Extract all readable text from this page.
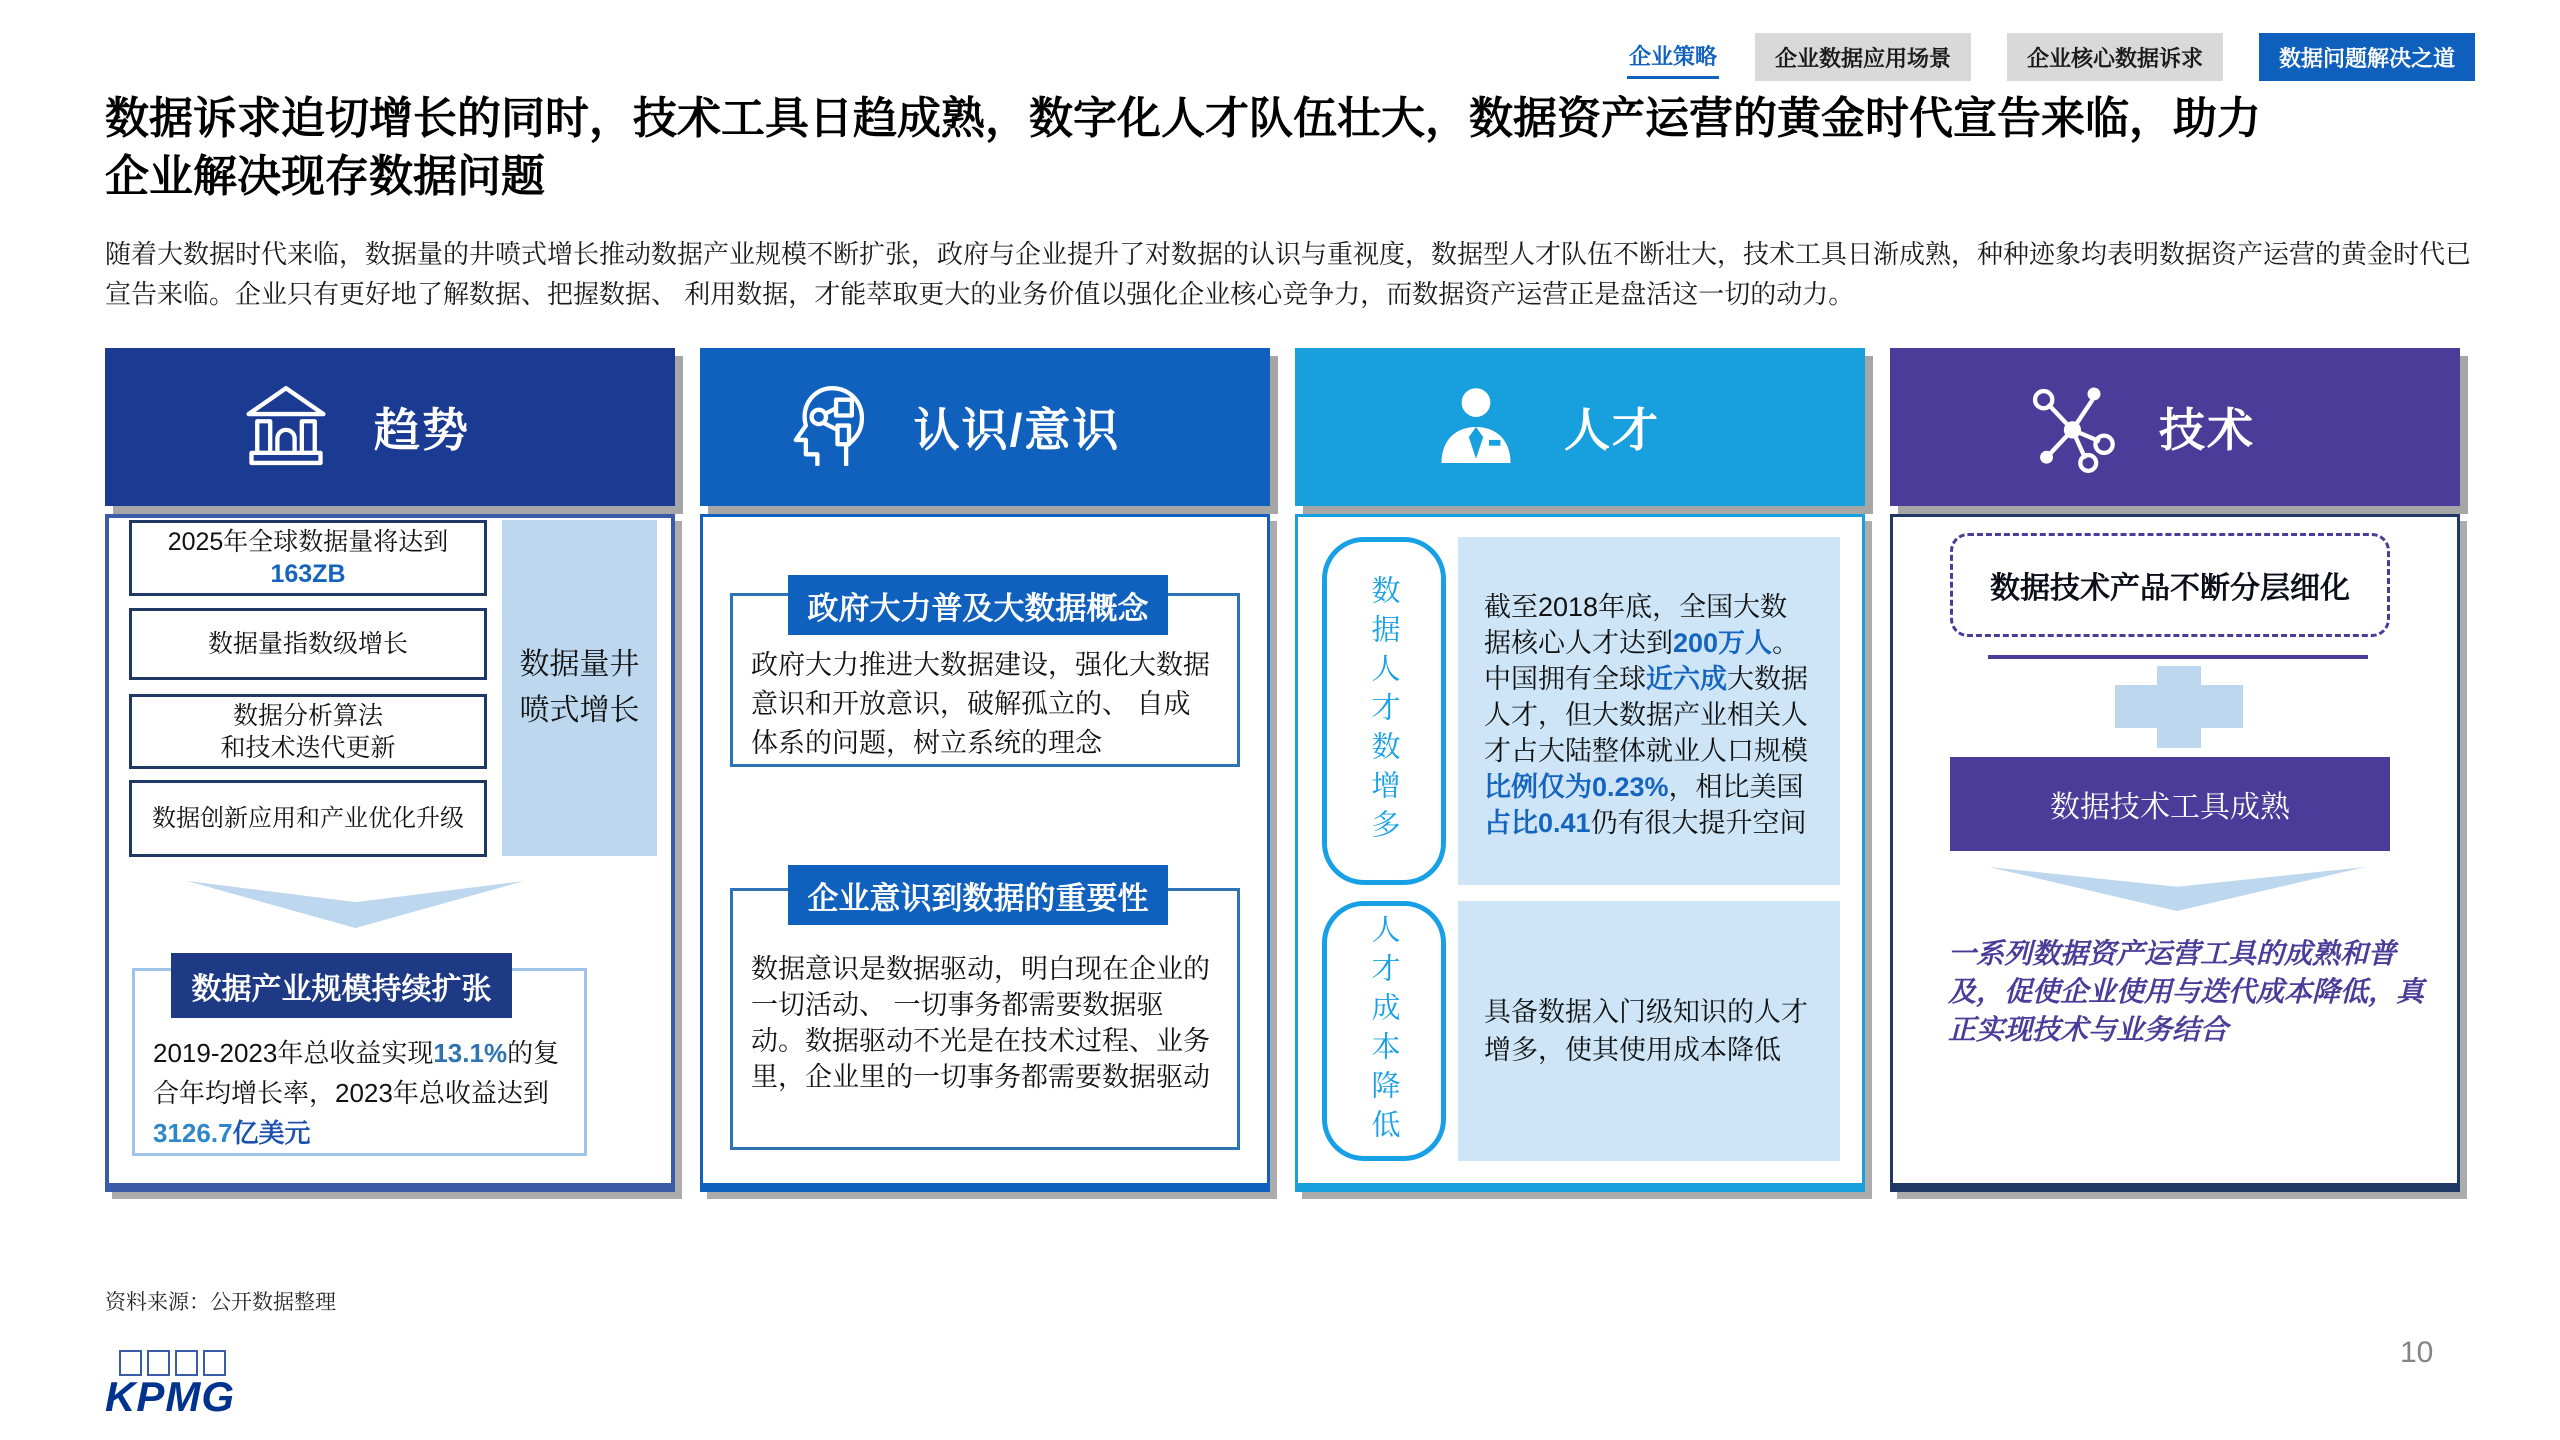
企业策略	企业数据应用场景	企业核心数据诉求	数据问题解决之道
数据诉求迫切增长的同时，技术工具日趋成熟，数字化人才队伍壮大，数据资产运营的黄金时代宣告来临，助力企业解决现存数据问题

随着大数据时代来临，数据量的井喷式增长推动数据产业规模不断扩张，政府与企业提升了对数据的认识与重视度，数据型人才队伍不断壮大，技术工具日渐成熟，种种迹象均表明数据资产运营的黄金时代已宣告来临。企业只有更好地了解数据、把握数据、 利用数据，才能萃取更大的业务价值以强化企业核心竞争力，而数据资产运营正是盘活这一切的动力。

趋势
2025年全球数据量将达到
163ZB
数据量指数级增长
数据分析算法
和技术迭代更新
数据创新应用和产业优化升级
数据量井喷式增长
数据产业规模持续扩张
2019-2023年总收益实现13.1%的复合年均增长率，2023年总收益达到3126.7亿美元
认识/意识
政府大力普及大数据概念
政府大力推进大数据建设，强化大数据意识和开放意识，破解孤立的、 自成体系的问题，树立系统的理念
企业意识到数据的重要性
数据意识是数据驱动，明白现在企业的一切活动、 一切事务都需要数据驱动。数据驱动不光是在技术过程、业务里，企业里的一切事务都需要数据驱动
人才
数据人才数增多	截至2018年底，全国大数据核心人才达到200万人。
中国拥有全球近六成大数据人才，但大数据产业相关人才占大陆整体就业人口规模比例仅为0.23%，相比美国占比0.41仍有很大提升空间
人才成本降低	具备数据入门级知识的人才增多，使其使用成本降低
技术
数据技术产品不断分层细化
数据技术工具成熟
一系列数据资产运营工具的成熟和普及，促使企业使用与迭代成本降低，真正实现技术与业务结合
资料来源：公开数据整理
KPMG
10
